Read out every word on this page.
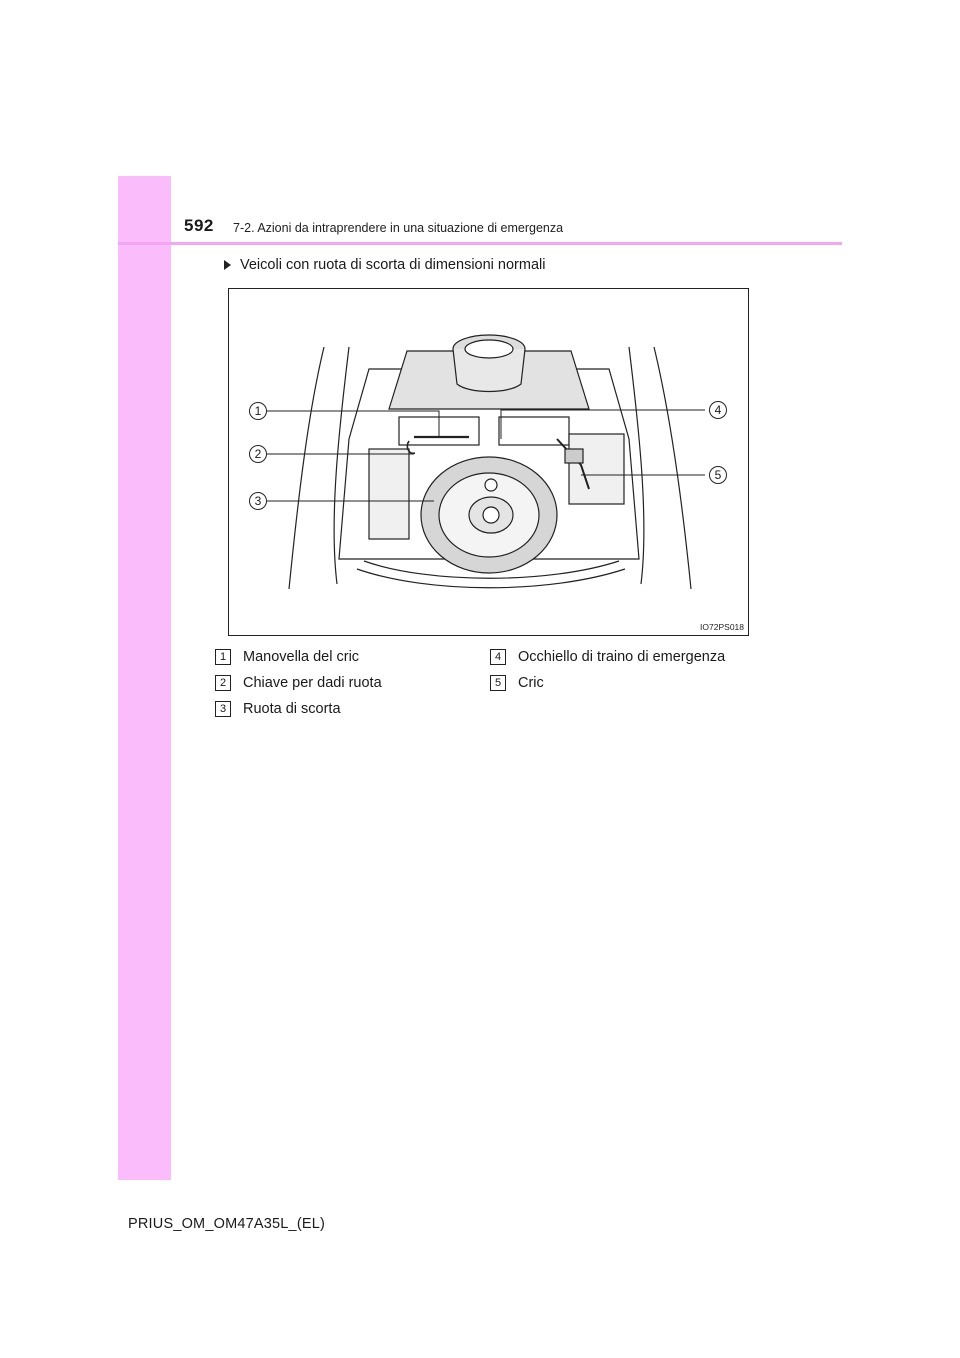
592 7-2. Azioni da intraprendere in una situazione di emergenza
Veicoli con ruota di scorta di dimensioni normali
1
2
3
4
5
IO72PS018
1	Manovella del cric
2	Chiave per dadi ruota
3	Ruota di scorta
4	Occhiello di traino di emergenza
5	Cric
PRIUS_OM_OM47A35L_(EL)
